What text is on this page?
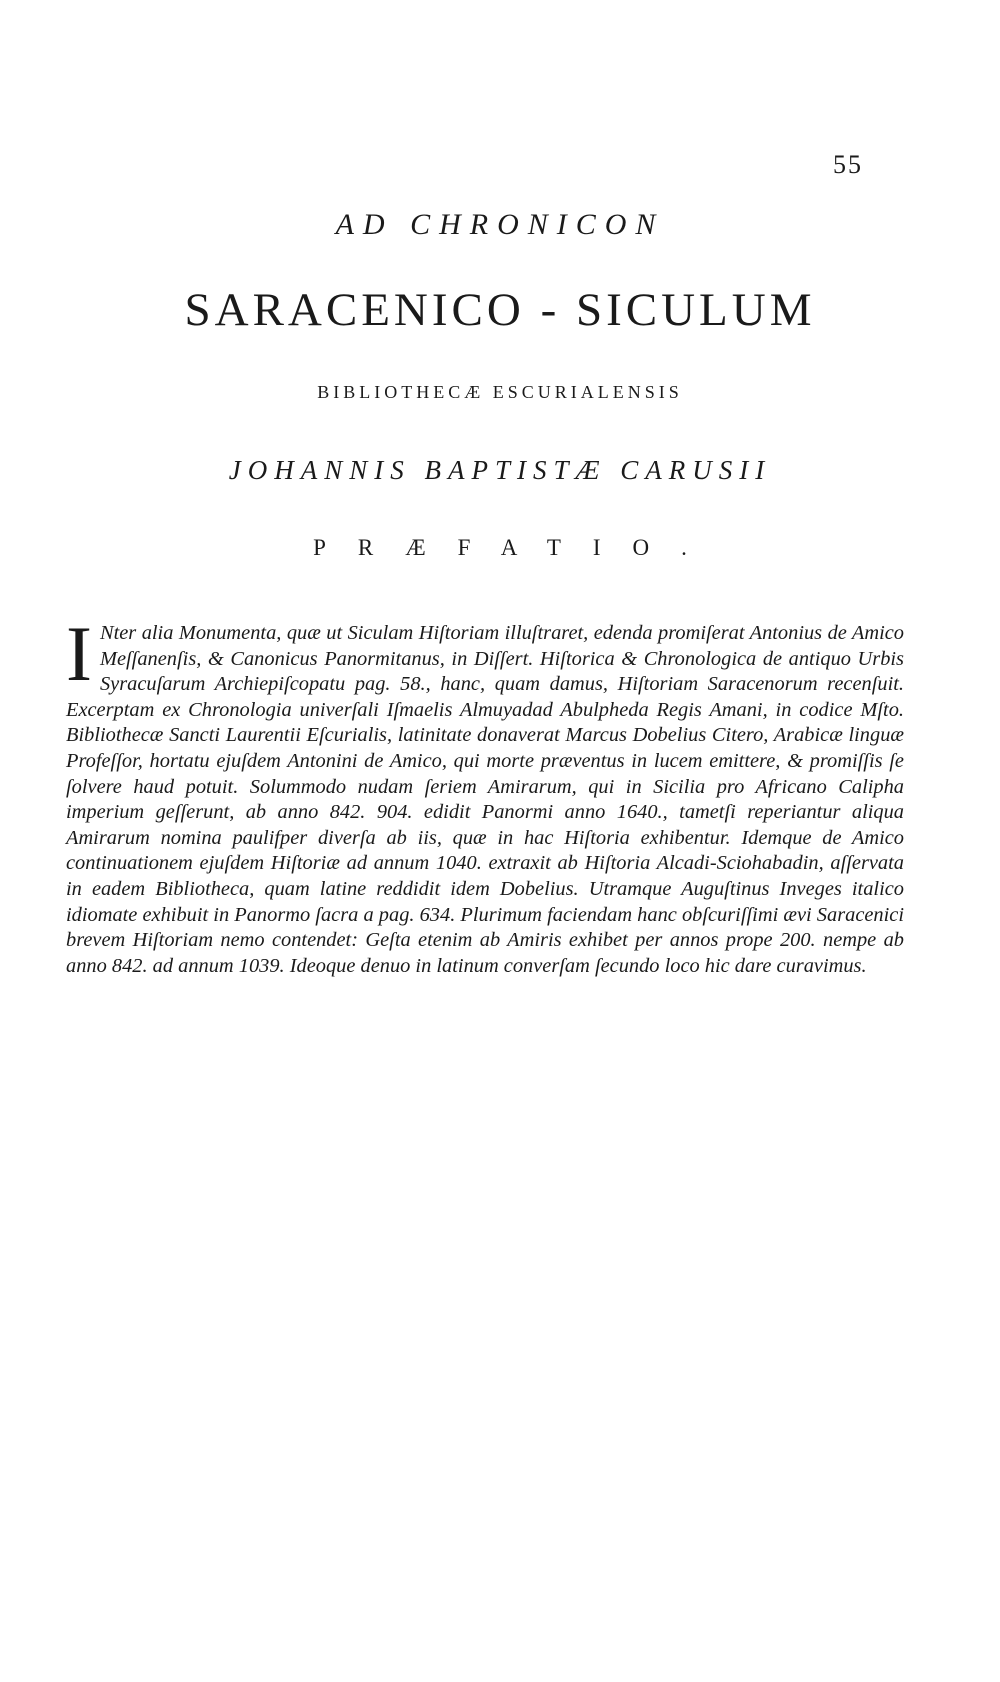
55
AD CHRONICON
SARACENICO - SICULUM
BIBLIOTHECÆ ESCURIALENSIS
JOHANNIS BAPTISTÆ CARUSII
PRÆFATIO.

I Nter alia Monumenta, quæ ut Siculam Hiſtoriam illuſtraret, edenda promiſerat Antonius de Amico Meſſanenſis, & Canonicus Panormitanus, in Diſſert. Hiſtorica & Chronologica de antiquo Urbis Syracuſarum Archiepiſcopatu pag. 58., hanc, quam damus, Hiſtoriam Saracenorum recenſuit. Excerptam ex Chronologia univerſali Iſmaelis Almuyadad Abulpheda Regis Amani, in codice Mſto. Bibliothecæ Sancti Laurentii Eſcurialis, latinitate donaverat Marcus Dobelius Citero, Arabicæ linguæ Profeſſor, hortatu ejuſdem Antonini de Amico, qui morte præventus in lucem emittere, & promiſſis ſe ſolvere haud potuit. Solummodo nudam ſeriem Amirarum, qui in Sicilia pro Africano Calipha imperium geſſerunt, ab anno 842. 904. edidit Panormi anno 1640., tametſi reperiantur aliqua Amirarum nomina paulifper diverſa ab iis, quæ in hac Hiſtoria exhibentur. Idemque de Amico continuationem ejuſdem Hiſtoriæ ad annum 1040. extraxit ab Hiſtoria Alcadi-Sciohabadin, aſſervata in eadem Bibliotheca, quam latine reddidit idem Dobelius. Utramque Auguſtinus Inveges italico idiomate exhibuit in Panormo ſacra a pag. 634. Plurimum faciendam hanc obſcuriſſimi ævi Saracenici brevem Hiſtoriam nemo contendet: Geſta etenim ab Amiris exhibet per annos prope 200. nempe ab anno 842. ad annum 1039. Ideoque denuo in latinum converſam ſecundo loco hic dare curavimus.
